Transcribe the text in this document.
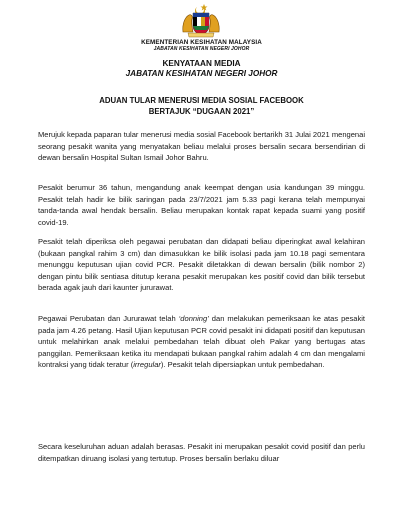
KEMENTERIAN KESIHATAN MALAYSIA
JABATAN KESIHATAN NEGERI JOHOR
KENYATAAN MEDIA
JABATAN KESIHATAN NEGERI JOHOR
ADUAN TULAR MENERUSI MEDIA SOSIAL FACEBOOK
BERTAJUK “DUGAAN 2021”

Merujuk kepada paparan tular menerusi media sosial Facebook bertarikh 31 Julai 2021 mengenai seorang pesakit wanita yang menyatakan beliau melalui proses bersalin secara bersendirian di dewan bersalin Hospital Sultan Ismail Johor Bahru.

Pesakit berumur 36 tahun, mengandung anak keempat dengan usia kandungan 39 minggu. Pesakit telah hadir ke bilik saringan pada 23/7/2021 jam 5.33 pagi kerana telah mempunyai tanda-tanda awal hendak bersalin. Beliau merupakan kontak rapat kepada suami yang positif covid-19.

Pesakit telah diperiksa oleh pegawai perubatan dan didapati beliau diperingkat awal kelahiran (bukaan pangkal rahim 3 cm) dan dimasukkan ke bilik isolasi pada jam 10.18 pagi sementara menunggu keputusan ujian covid PCR. Pesakit diletakkan di dewan bersalin (bilik nombor 2) dengan pintu bilik sentiasa ditutup kerana pesakit merupakan kes positif covid dan bilik tersebut berada agak jauh dari kaunter jururawat.

Pegawai Perubatan dan Jururawat telah ‘donning’ dan melakukan pemeriksaan ke atas pesakit pada jam 4.26 petang. Hasil Ujian keputusan PCR covid pesakit ini didapati positif dan keputusan untuk melahirkan anak melalui pembedahan telah dibuat oleh Pakar yang bertugas atas panggilan. Pemeriksaan ketika itu mendapati bukaan pangkal rahim adalah 4 cm dan mengalami kontraksi yang tidak teratur (irregular). Pesakit telah dipersiapkan untuk pembedahan.

Secara keseluruhan aduan adalah berasas. Pesakit ini merupakan pesakit covid positif dan perlu ditempatkan diruang isolasi yang tertutup. Proses bersalin berlaku diluar
